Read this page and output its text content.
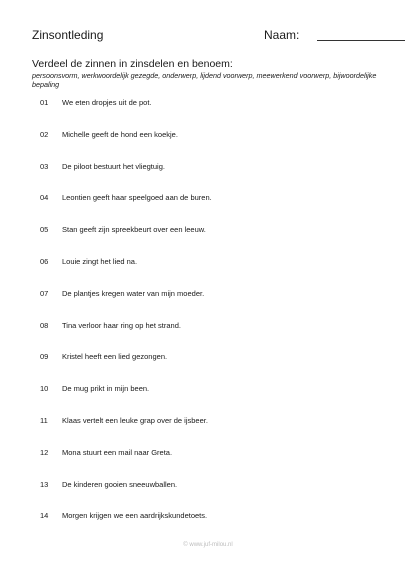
Zinsontleding	Naam:
Verdeel de zinnen in zinsdelen en benoem:
persoonsvorm, werkwoordelijk gezegde, onderwerp, lijdend voorwerp, meewerkend voorwerp, bijwoordelijke bepaling
01	We eten dropjes uit de pot.
02	Michelle geeft de hond een koekje.
03	De piloot bestuurt het vliegtuig.
04	Leontien geeft haar speelgoed aan de buren.
05	Stan geeft zijn spreekbeurt over een leeuw.
06	Louie zingt het lied na.
07	De plantjes kregen water van mijn moeder.
08	Tina verloor haar ring op het strand.
09	Kristel heeft een lied gezongen.
10	De mug prikt in mijn been.
11	Klaas vertelt een leuke grap over de ijsbeer.
12	Mona stuurt een mail naar Greta.
13	De kinderen gooien sneeuwballen.
14	Morgen krijgen we een aardrijkskundetoets.
© www.juf-milou.nl
